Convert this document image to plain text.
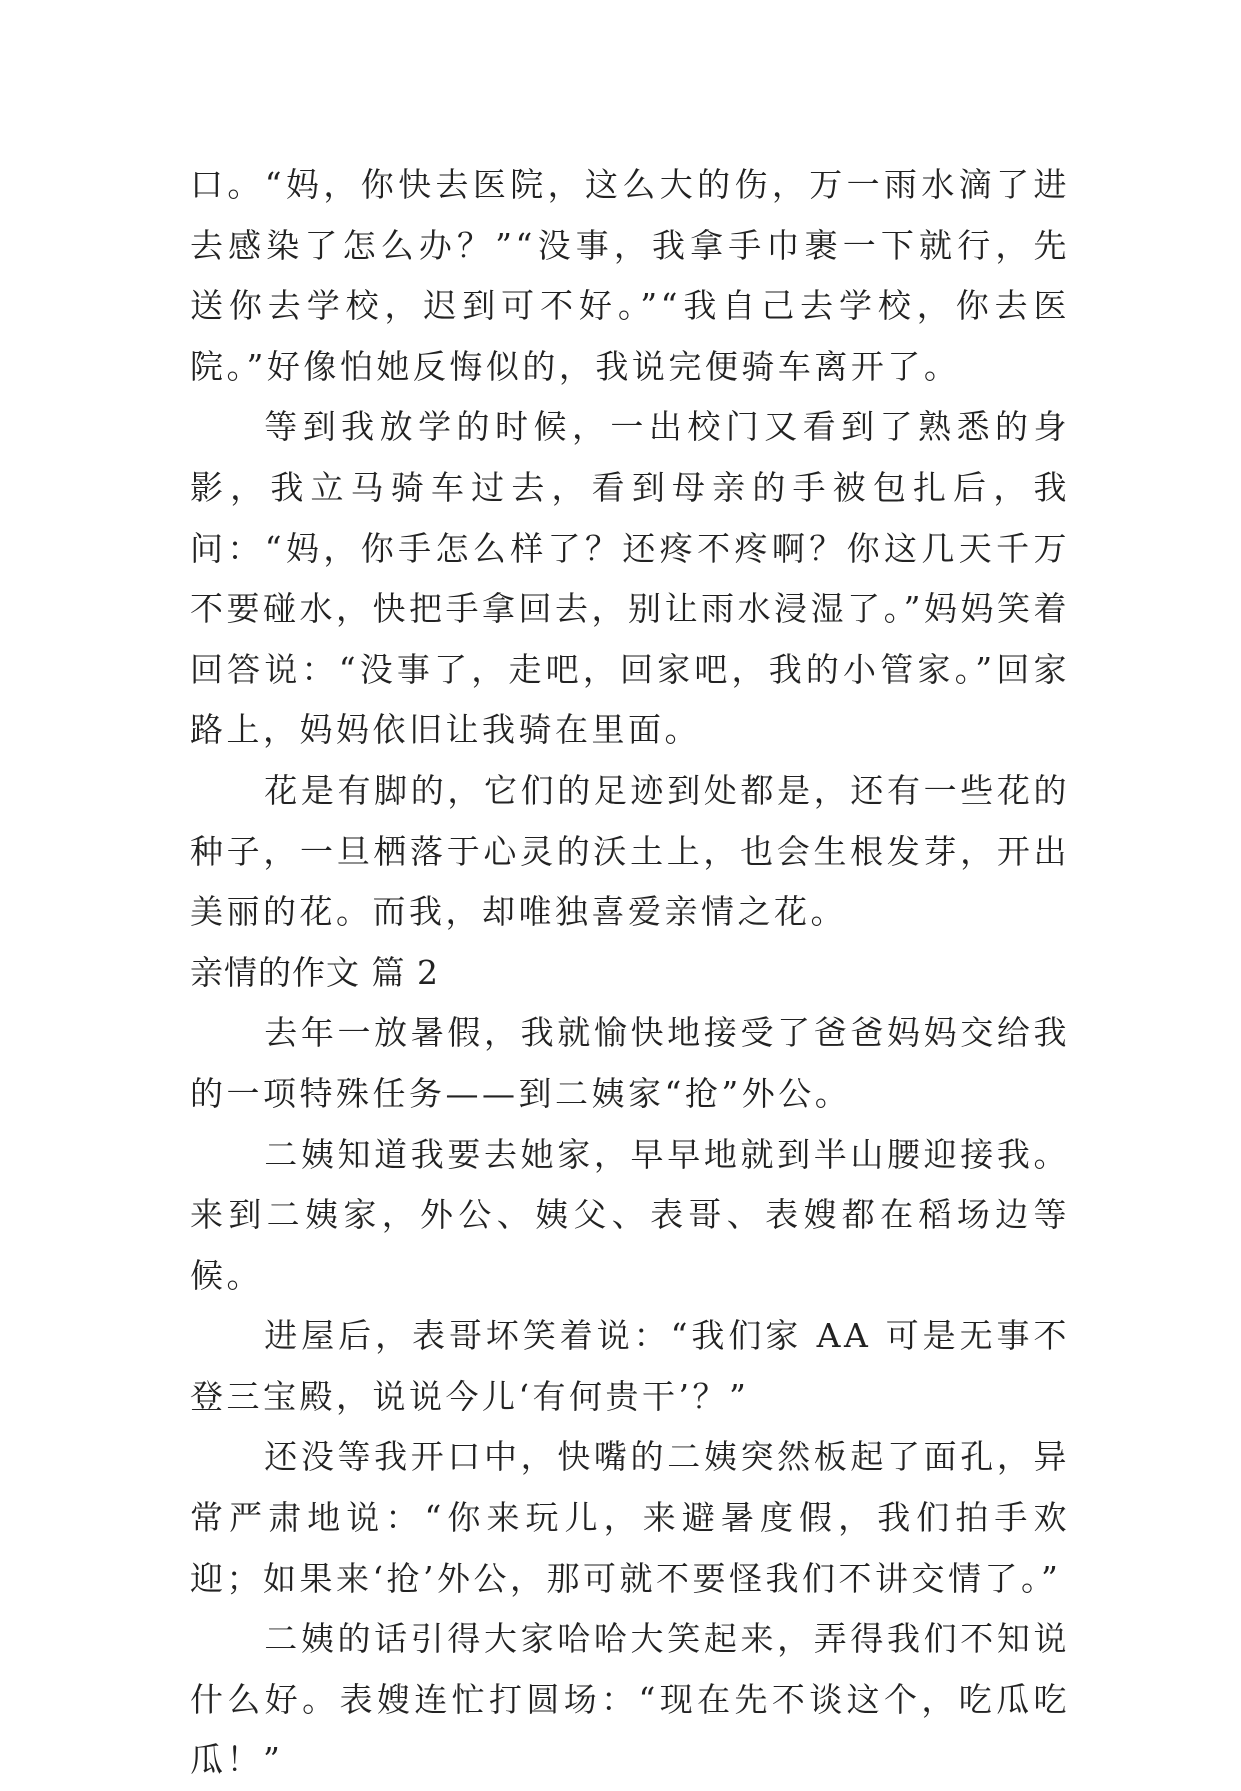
口。“妈，你快去医院，这么大的伤，万一雨水滴了进去感染了怎么办？”“没事，我拿手巾裹一下就行，先送你去学校，迟到可不好。”“我自己去学校，你去医院。”好像怕她反悔似的，我说完便骑车离开了。

等到我放学的时候，一出校门又看到了熟悉的身影，我立马骑车过去，看到母亲的手被包扎后，我问：“妈，你手怎么样了？还疼不疼啊？你这几天千万不要碰水，快把手拿回去，别让雨水浸湿了。”妈妈笑着回答说：“没事了，走吧，回家吧，我的小管家。”回家路上，妈妈依旧让我骑在里面。

花是有脚的，它们的足迹到处都是，还有一些花的种子，一旦栖落于心灵的沃土上，也会生根发芽，开出美丽的花。而我，却唯独喜爱亲情之花。

亲情的作文 篇 2

去年一放暑假，我就愉快地接受了爸爸妈妈交给我的一项特殊任务——到二姨家“抢”外公。

二姨知道我要去她家，早早地就到半山腰迎接我。来到二姨家，外公、姨父、表哥、表嫂都在稻场边等候。

进屋后，表哥坏笑着说：“我们家 AA 可是无事不登三宝殿，说说今儿‘有何贵干’？”

还没等我开口中，快嘴的二姨突然板起了面孔，异常严肃地说：“你来玩儿，来避暑度假，我们拍手欢迎；如果来‘抢’外公，那可就不要怪我们不讲交情了。”

二姨的话引得大家哈哈大笑起来，弄得我们不知说什么好。表嫂连忙打圆场：“现在先不谈这个，吃瓜吃瓜！”
